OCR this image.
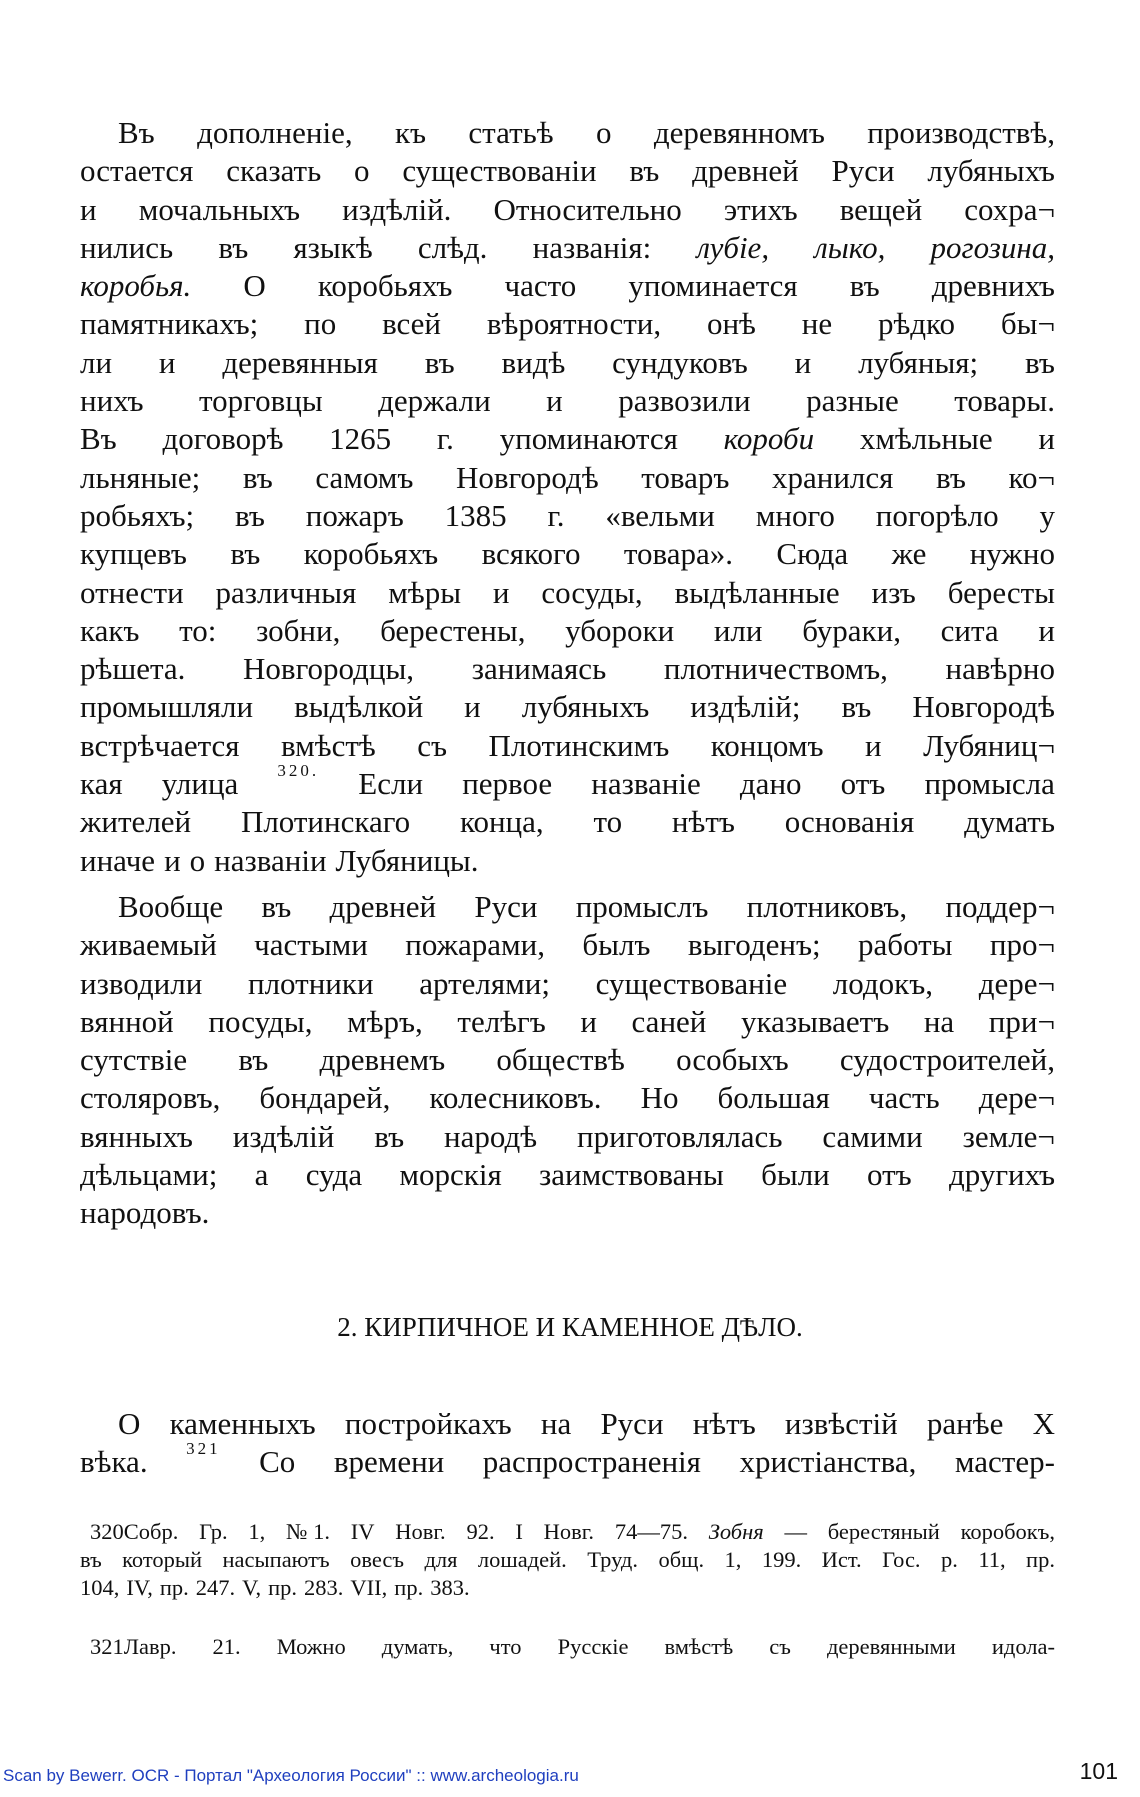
Въ дополненіе, къ статьѣ о деревянномъ производствѣ,
остается сказать о существованіи въ древней Руси лубяныхъ
и мочальныхъ издѣлій. Относительно этихъ вещей сохра¬
нились въ языкѣ слѣд. названія: лубіе, лыко, рогозина,
коробья. О коробьяхъ часто упоминается въ древнихъ
памятникахъ; по всей вѣроятности, онѣ не рѣдко бы¬
ли и деревянныя въ видѣ сундуковъ и лубяныя; въ
нихъ торговцы держали и развозили разные товары.
Въ договорѣ 1265 г. упоминаются короби хмѣльные и
льняные; въ самомъ Новгородѣ товаръ хранился въ ко¬
робьяхъ; въ пожаръ 1385 г. «вельми много погорѣло у
купцевъ въ коробьяхъ всякого товара». Сюда же нужно
отнести различныя мѣры и сосуды, выдѣланные изъ бересты
какъ то: зобни, берестены, убороки или бураки, сита и
рѣшета. Новгородцы, занимаясь плотничествомъ, навѣрно
промышляли выдѣлкой и лубяныхъ издѣлій; въ Новгородѣ
встрѣчается вмѣстѣ съ Плотинскимъ концомъ и Лубяниц¬
кая улица 320. Если первое названіе дано отъ промысла
жителей Плотинскаго конца, то нѣтъ основанія думать
иначе и о названіи Лубяницы.
Вообще въ древней Руси промыслъ плотниковъ, поддер¬
живаемый частыми пожарами, былъ выгоденъ; работы про¬
изводили плотники артелями; существованіе лодокъ, дере¬
вянной посуды, мѣръ, телѣгъ и саней указываетъ на при¬
сутствіе въ древнемъ обществѣ особыхъ судостроителей,
столяровъ, бондарей, колесниковъ. Но большая часть дере¬
вянныхъ издѣлій въ народѣ приготовлялась самими земле¬
дѣльцами; а суда морскія заимствованы были отъ другихъ
народовъ.
2. КИРПИЧНОЕ И КАМЕННОЕ ДѢЛО.
О каменныхъ постройкахъ на Руси нѣтъ извѣстій ранѣе X
вѣка. 321 Со времени распространенія христіанства, мастер-
320Собр. Гр. 1, № 1. IV Новг. 92. I Новг. 74—75. Зобня — берестяный коробокъ,
въ который насыпаютъ овесъ для лошадей. Труд. общ. 1, 199. Ист. Гос. р. 11, пр.
104, IV, пр. 247. V, пр. 283. VII, пр. 383.
321Лавр. 21. Можно думать, что Русскіе вмѣстѣ съ деревянными идола-
Scan by Bewerr. OCR - Портал "Археология России" :: www.archeologia.ru	101
